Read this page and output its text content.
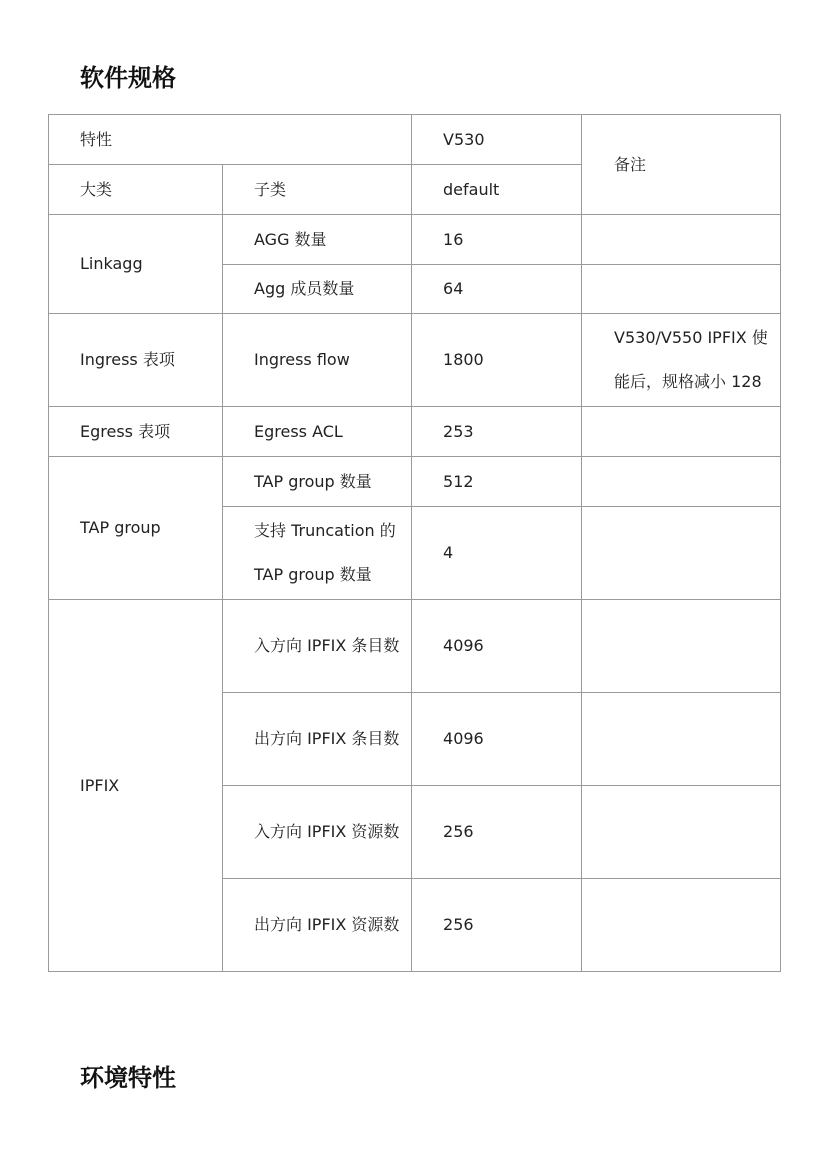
软件规格
特性		V530	备注
大类	子类	default	
Linkagg	AGG 数量	16	
	Agg 成员数量	64	
Ingress 表项	Ingress flow	1800	V530/V550 IPFIX 使能后，规格减小 128
Egress 表项	Egress ACL	253	
TAP group	TAP group 数量	512	
	支持 Truncation 的 TAP group 数量	4	
IPFIX	入方向 IPFIX 条目数	4096	
	出方向 IPFIX 条目数	4096	
	入方向 IPFIX 资源数	256	
	出方向 IPFIX 资源数	256	
环境特性
